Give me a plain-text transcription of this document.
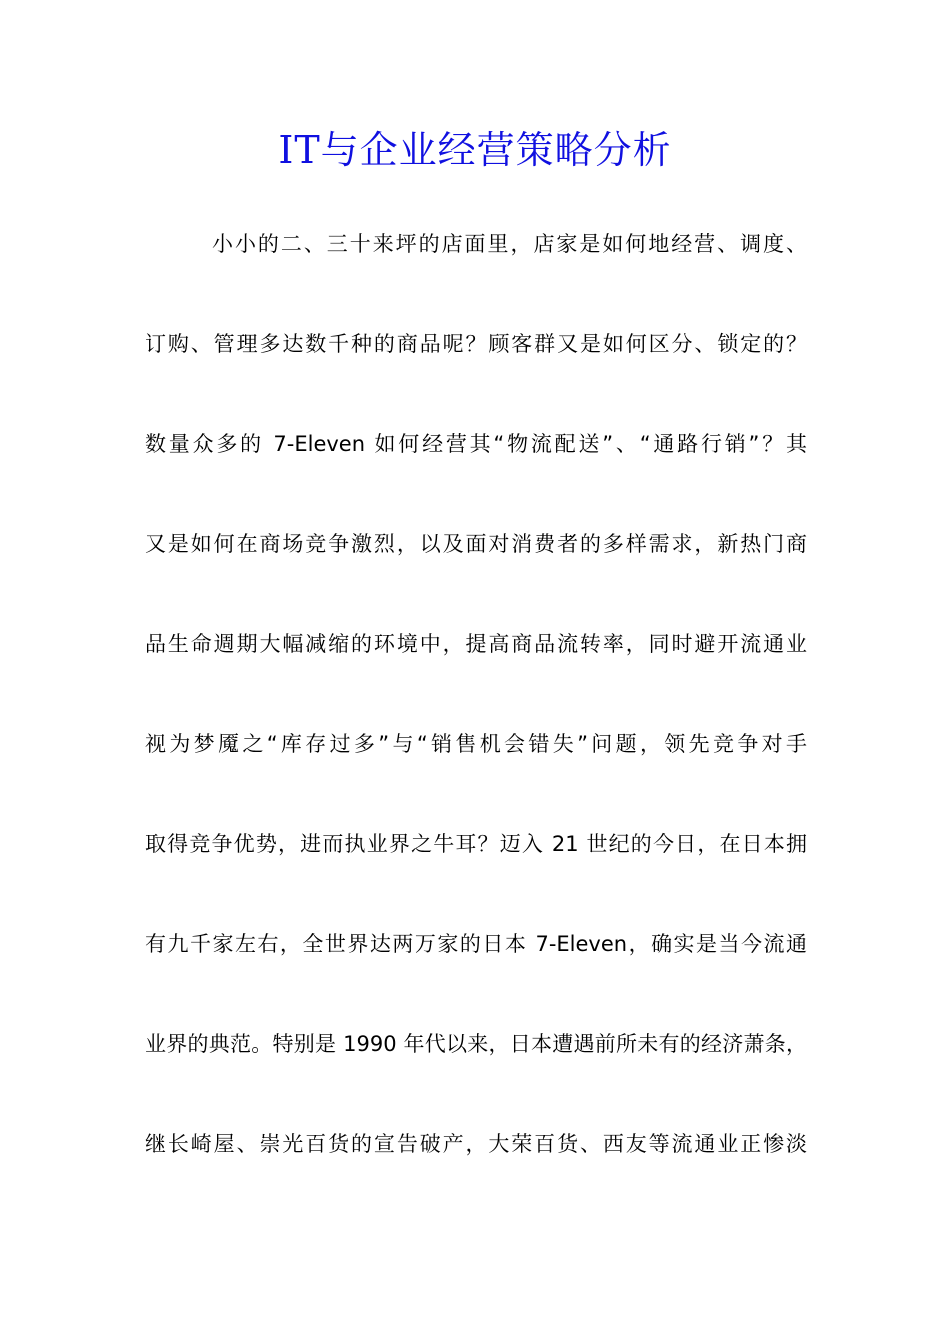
IT与企业经营策略分析
小小的二、三十来坪的店面里，店家是如何地经营、调度、
订购、管理多达数千种的商品呢？顾客群又是如何区分、锁定的？
数量众多的 7-Eleven 如何经营其“物流配送”、“通路行销”？其
又是如何在商场竞争激烈，以及面对消费者的多样需求，新热门商
品生命週期大幅减缩的环境中，提高商品流转率，同时避开流通业
视为梦魇之“库存过多”与“销售机会错失”问题，领先竞争对手
取得竞争优势，进而执业界之牛耳？迈入 21 世纪的今日，在日本拥
有九千家左右，全世界达两万家的日本 7-Eleven，确实是当今流通
业界的典范。特别是 1990 年代以来，日本遭遇前所未有的经济萧条，
继长崎屋、崇光百货的宣告破产，大荣百货、西友等流通业正惨淡
